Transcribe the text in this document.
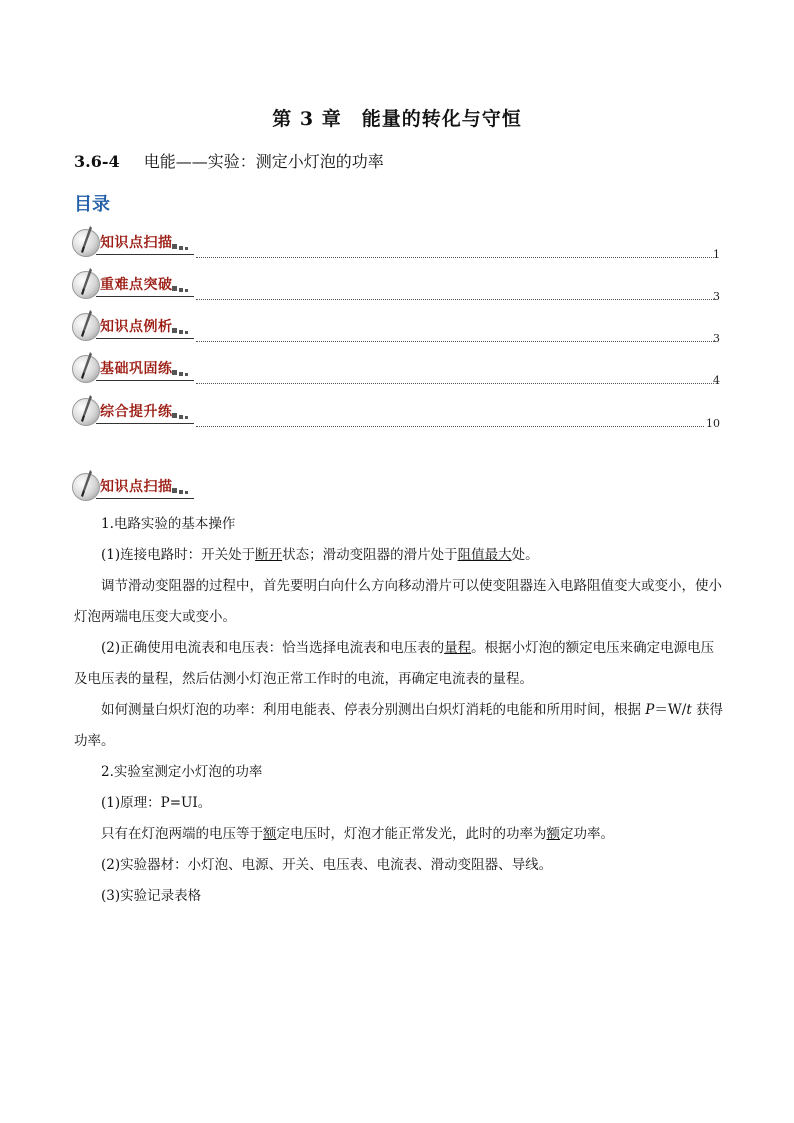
第 3 章　能量的转化与守恒
3.6-4 电能——实验：测定小灯泡的功率
目录
知识点扫描
1
重难点突破
3
知识点例析
3
基础巩固练
4
综合提升练
10
知识点扫描

1.电路实验的基本操作

(1)连接电路时：开关处于断开状态；滑动变阻器的滑片处于阻值最大处。

调节滑动变阻器的过程中，首先要明白向什么方向移动滑片可以使变阻器连入电路阻值变大或变小，使小灯泡两端电压变大或变小。

(2)正确使用电流表和电压表：恰当选择电流表和电压表的量程。根据小灯泡的额定电压来确定电源电压及电压表的量程，然后估测小灯泡正常工作时的电流，再确定电流表的量程。

如何测量白炽灯泡的功率：利用电能表、停表分别测出白炽灯消耗的电能和所用时间，根据 P＝W/t 获得功率。

2.实验室测定小灯泡的功率

(1)原理：P=UI。

只有在灯泡两端的电压等于额定电压时，灯泡才能正常发光，此时的功率为额定功率。

(2)实验器材：小灯泡、电源、开关、电压表、电流表、滑动变阻器、导线。

(3)实验记录表格
